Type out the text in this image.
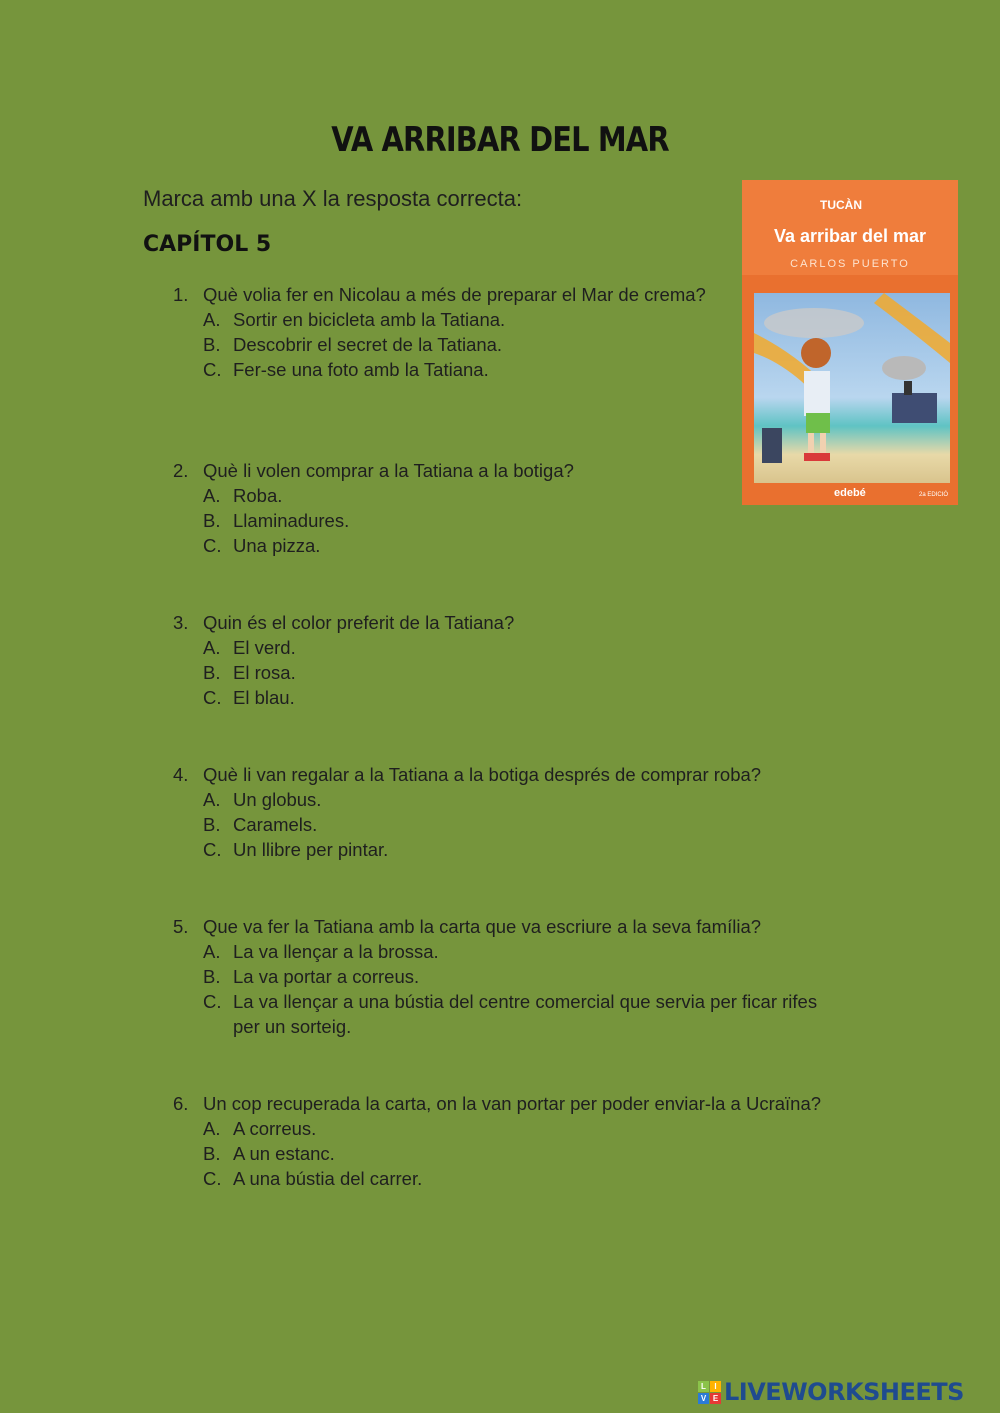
VA ARRIBAR DEL MAR
Marca amb una X la resposta correcta:
CAPÍTOL 5
1. Què volia fer en Nicolau a més de preparar el Mar de crema?
A. Sortir en bicicleta amb la Tatiana.
B. Descobrir el secret de la Tatiana.
C. Fer-se una foto amb la Tatiana.
2. Què li volen comprar a la Tatiana a la botiga?
A. Roba.
B. Llaminadures.
C. Una pizza.
3. Quin és el color preferit de la Tatiana?
A. El verd.
B. El rosa.
C. El blau.
4. Què li van regalar a la Tatiana a la botiga després de comprar roba?
A. Un globus.
B. Caramels.
C. Un llibre per pintar.
5. Que va fer la Tatiana amb la carta que va escriure a la seva família?
A. La va llençar a la brossa.
B. La va portar a correus.
C. La va llençar a una bústia del centre comercial que servia per ficar rifes per un sorteig.
6. Un cop recuperada la carta, on la van portar per poder enviar-la a Ucraïna?
A. A correus.
B. A un estanc.
C. A una bústia del carrer.
TUCÀN
Va arribar del mar
CARLOS PUERTO
edebé	2a EDICIÓ
L	I
V E LIVEWORKSHEETS
